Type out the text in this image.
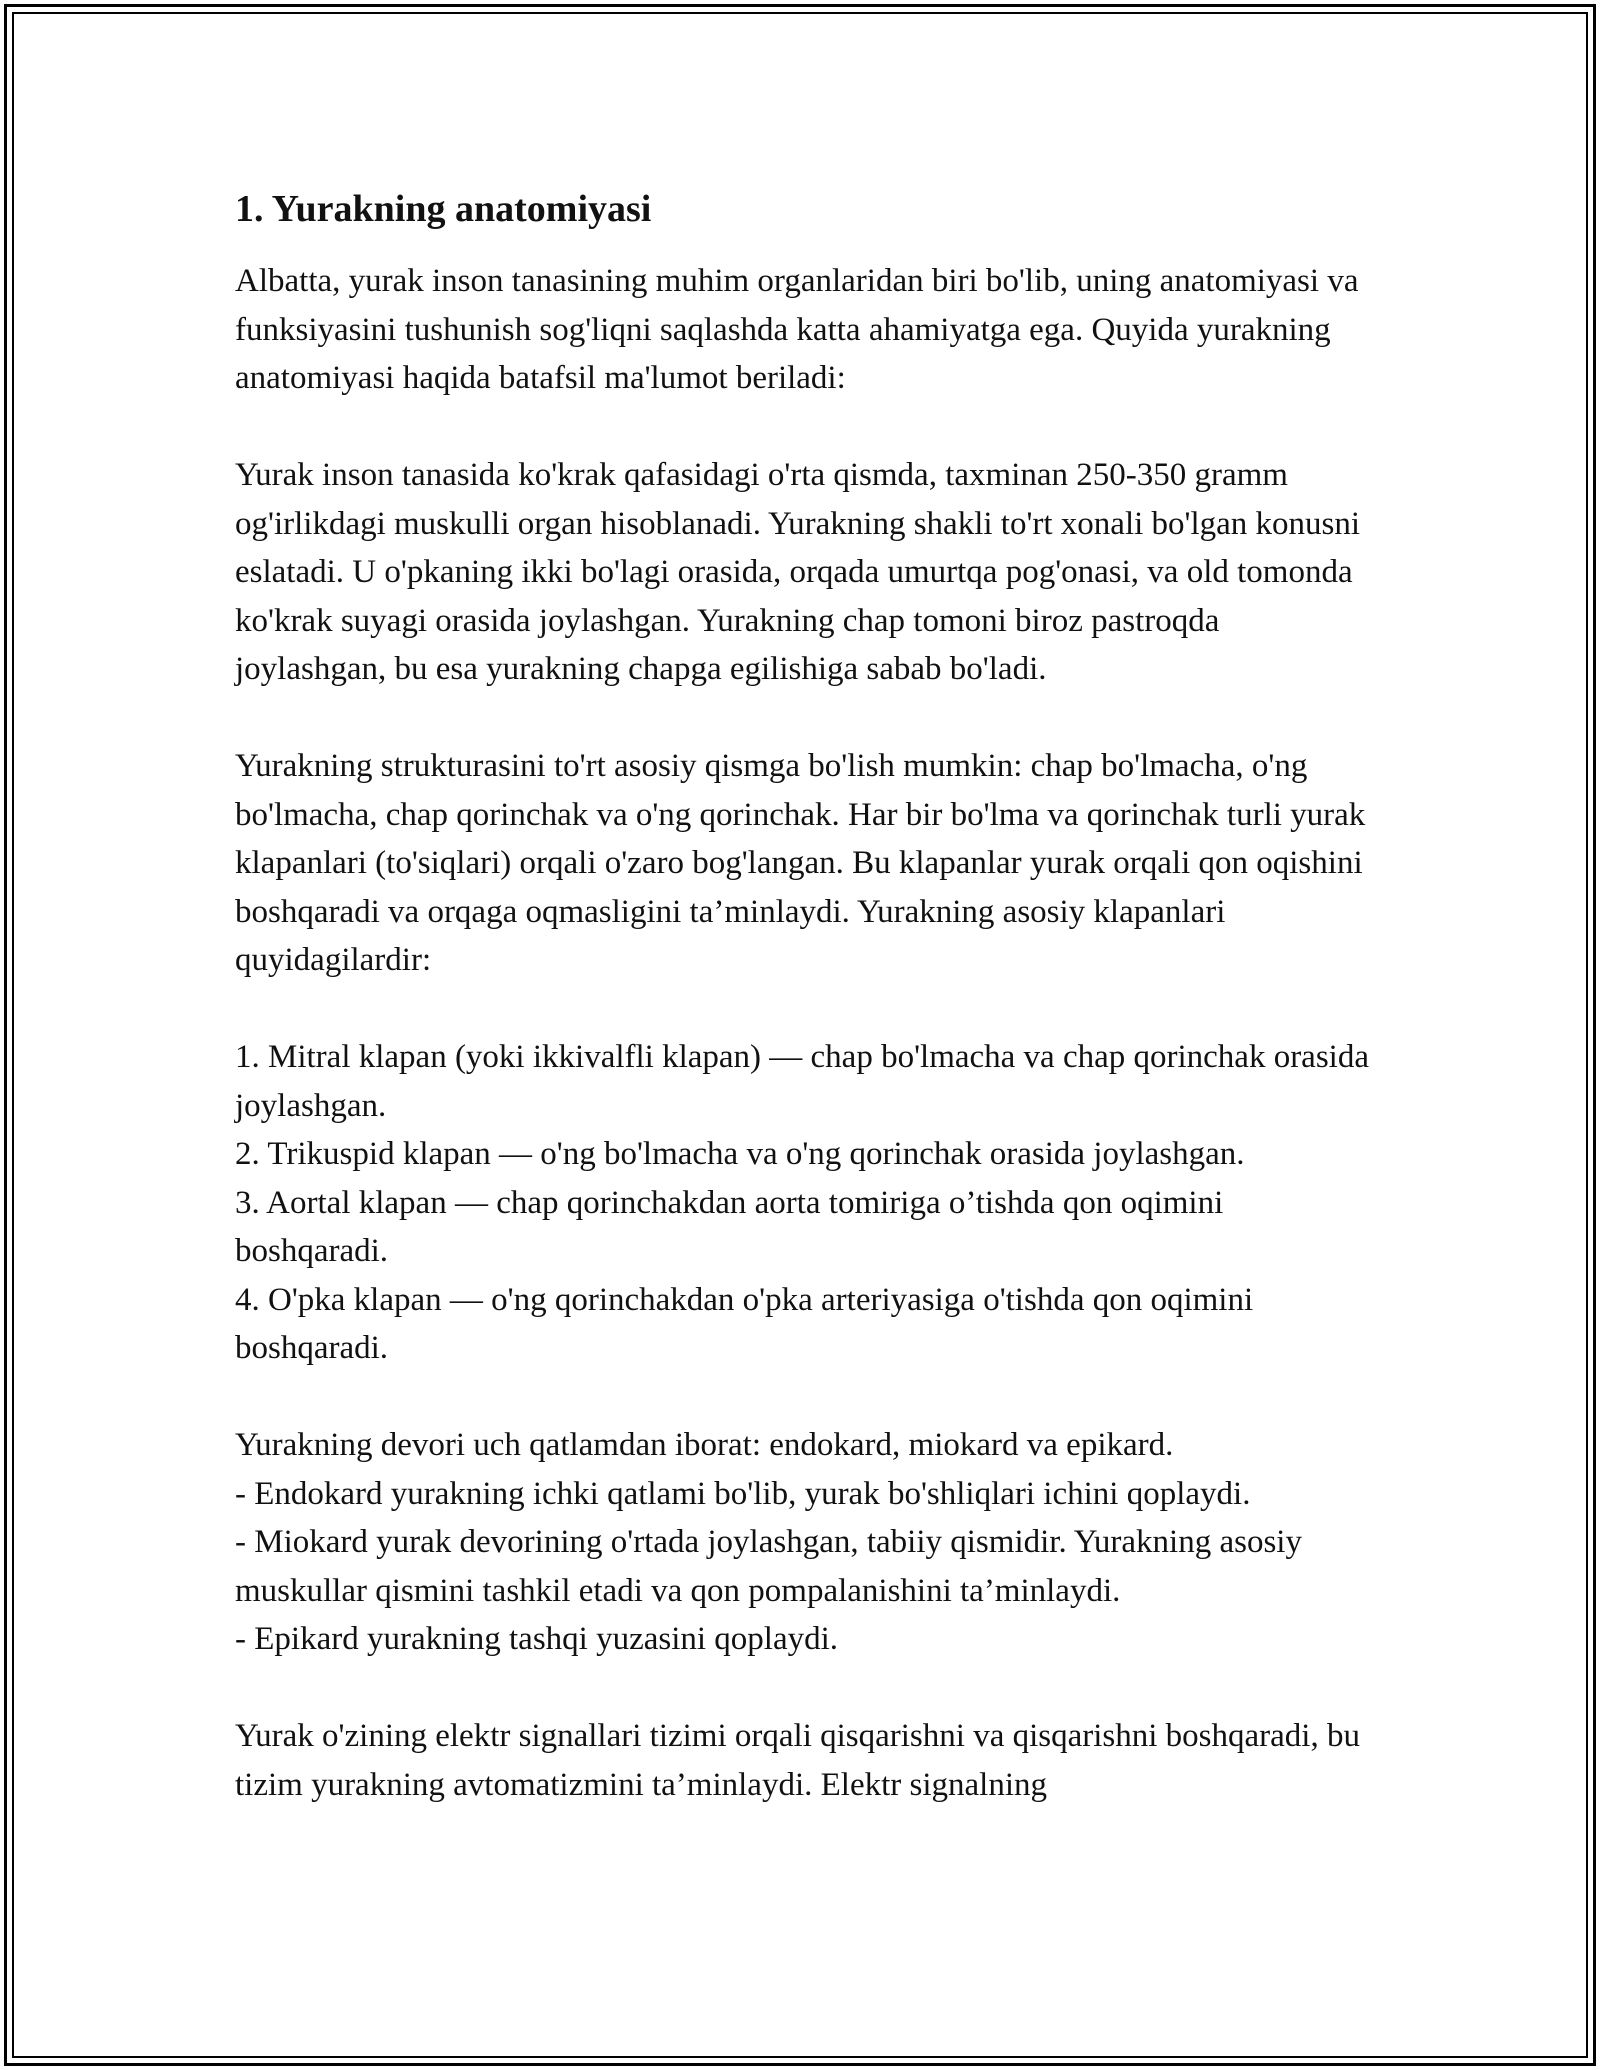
1. Yurakning anatomiyasi

Albatta, yurak inson tanasining muhim organlaridan biri bo'lib, uning anatomiyasi va funksiyasini tushunish sog'liqni saqlashda katta ahamiyatga ega. Quyida yurakning anatomiyasi haqida batafsil ma'lumot beriladi:

Yurak inson tanasida ko'krak qafasidagi o'rta qismda, taxminan 250-350 gramm og'irlikdagi muskulli organ hisoblanadi. Yurakning shakli to'rt xonali bo'lgan konusni eslatadi. U o'pkaning ikki bo'lagi orasida, orqada umurtqa pog'onasi, va old tomonda ko'krak suyagi orasida joylashgan. Yurakning chap tomoni biroz pastroqda joylashgan, bu esa yurakning chapga egilishiga sabab bo'ladi.

Yurakning strukturasini to'rt asosiy qismga bo'lish mumkin: chap bo'lmacha, o'ng bo'lmacha, chap qorinchak va o'ng qorinchak. Har bir bo'lma va qorinchak turli yurak klapanlari (to'siqlari) orqali o'zaro bog'langan. Bu klapanlar yurak orqali qon oqishini boshqaradi va orqaga oqmasligini ta’minlaydi. Yurakning asosiy klapanlari quyidagilardir:

1. Mitral klapan (yoki ikkivalfli klapan) — chap bo'lmacha va chap qorinchak orasida joylashgan.
2. Trikuspid klapan — o'ng bo'lmacha va o'ng qorinchak orasida joylashgan.
3. Aortal klapan — chap qorinchakdan aorta tomiriga o’tishda qon oqimini boshqaradi.
4. O'pka klapan — o'ng qorinchakdan o'pka arteriyasiga o'tishda qon oqimini boshqaradi.
Yurakning devori uch qatlamdan iborat: endokard, miokard va epikard.
- Endokard yurakning ichki qatlami bo'lib, yurak bo'shliqlari ichini qoplaydi.
- Miokard yurak devorining o'rtada joylashgan, tabiiy qismidir. Yurakning asosiy muskullar qismini tashkil etadi va qon pompalanishini ta’minlaydi.
- Epikard yurakning tashqi yuzasini qoplaydi.

Yurak o'zining elektr signallari tizimi orqali qisqarishni va qisqarishni boshqaradi, bu tizim yurakning avtomatizmini ta’minlaydi. Elektr signalning
